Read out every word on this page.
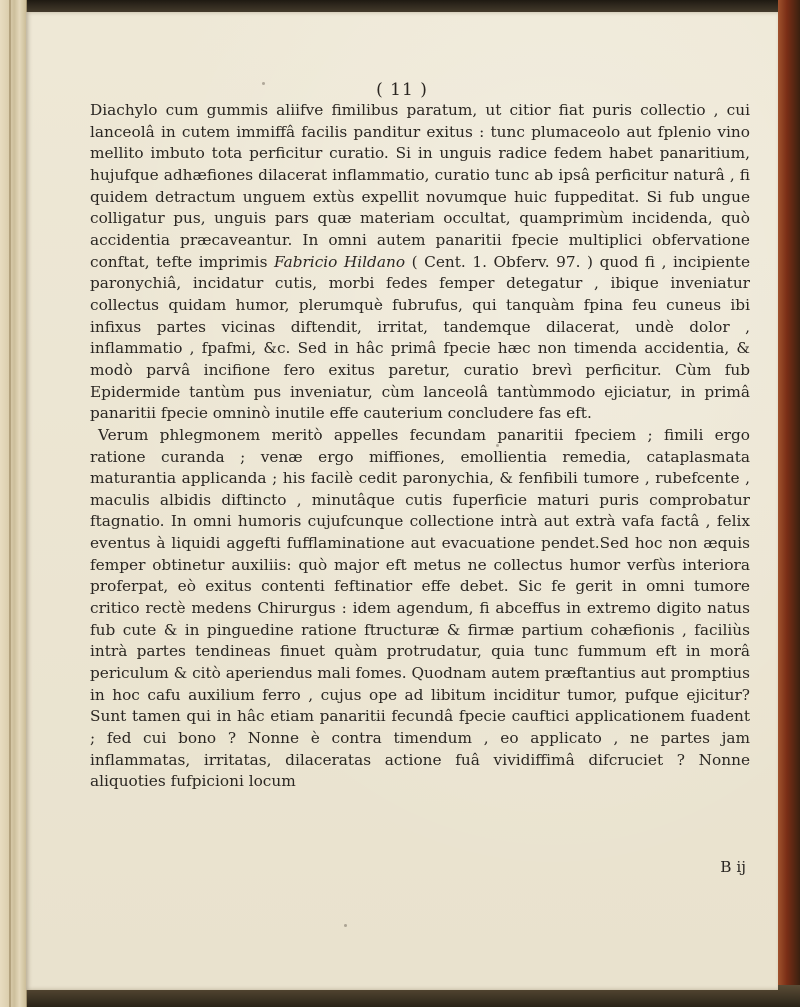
( 11 )

Diachylo cum gummis aliifve fimilibus paratum, ut citior fiat puris collectio , cui lanceolâ in cutem immiffâ facilis panditur exitus : tunc plumaceolo aut fplenio vino mellito imbuto tota perficitur curatio. Si in unguis radice fedem habet panaritium, hujufque adhæfiones dilacerat inflammatio, curatio tunc ab ipsâ perficitur naturâ , fi quidem detractum unguem extùs expellit novumque huic fuppeditat. Si fub ungue colligatur pus, unguis pars quæ materiam occultat, quamprimùm incidenda, quò accidentia præcaveantur. In omni autem panaritii fpecie multiplici obfervatione conftat, tefte imprimis Fabricio Hildano ( Cent. 1. Obferv. 97. ) quod fi , incipiente paronychiâ, incidatur cutis, morbi fedes femper detegatur , ibique inveniatur collectus quidam humor, plerumquè fubrufus, qui tanquàm fpina feu cuneus ibi infixus partes vicinas diftendit, irritat, tandemque dilacerat, undè dolor , inflammatio , fpafmi, &c. Sed in hâc primâ fpecie hæc non timenda accidentia, & modò parvâ incifione fero exitus paretur, curatio brevì perficitur. Cùm fub Epidermide tantùm pus inveniatur, cùm lanceolâ tantùmmodo ejiciatur, in primâ panaritii fpecie omninò inutile effe cauterium concludere fas eft.

Verum phlegmonem meritò appelles fecundam panaritii fpeciem ; fimili ergo ratione curanda ; venæ ergo miffiones, emollientia remedia, cataplasmata maturantia applicanda ; his facilè cedit paronychia, & fenfibili tumore , rubefcente , maculis albidis diftinctо , minutâque cutis fuperficie maturi puris comprobatur ftagnatio. In omni humoris cujufcunque collectione intrà aut extrà vafa factâ , felix eventus à liquidi aggefti fufflaminatione aut evacuatione pendet.Sed hoc non æquis femper obtinetur auxiliis: quò major eft metus ne collectus humor verfùs interiora proferpat, eò exitus contenti feftinatior effe debet. Sic fe gerit in omni tumore critico rectè medens Chirurgus : idem agendum, fi abceffus in extremo digito natus fub cute & in pinguedine ratione ftructuræ & firmæ partium cohæfionis , faciliùs intrà partes tendineas finuet quàm protrudatur, quia tunc fummum eft in morâ periculum & citò aperiendus mali fomes. Quodnam autem præftantius aut promptius in hoc cafu auxilium ferro , cujus ope ad libitum inciditur tumor, pufque ejicitur? Sunt tamen qui in hâc etiam panaritii fecundâ fpecie cauftici applicationem fuadent ; fed cui bono ? Nonne è contra timendum , eo applicato , ne partes jam inflammatas, irritatas, dilaceratas actione fuâ vividiffimâ difcruciet ? Nonne aliquoties fufpicioni locum

B ij
